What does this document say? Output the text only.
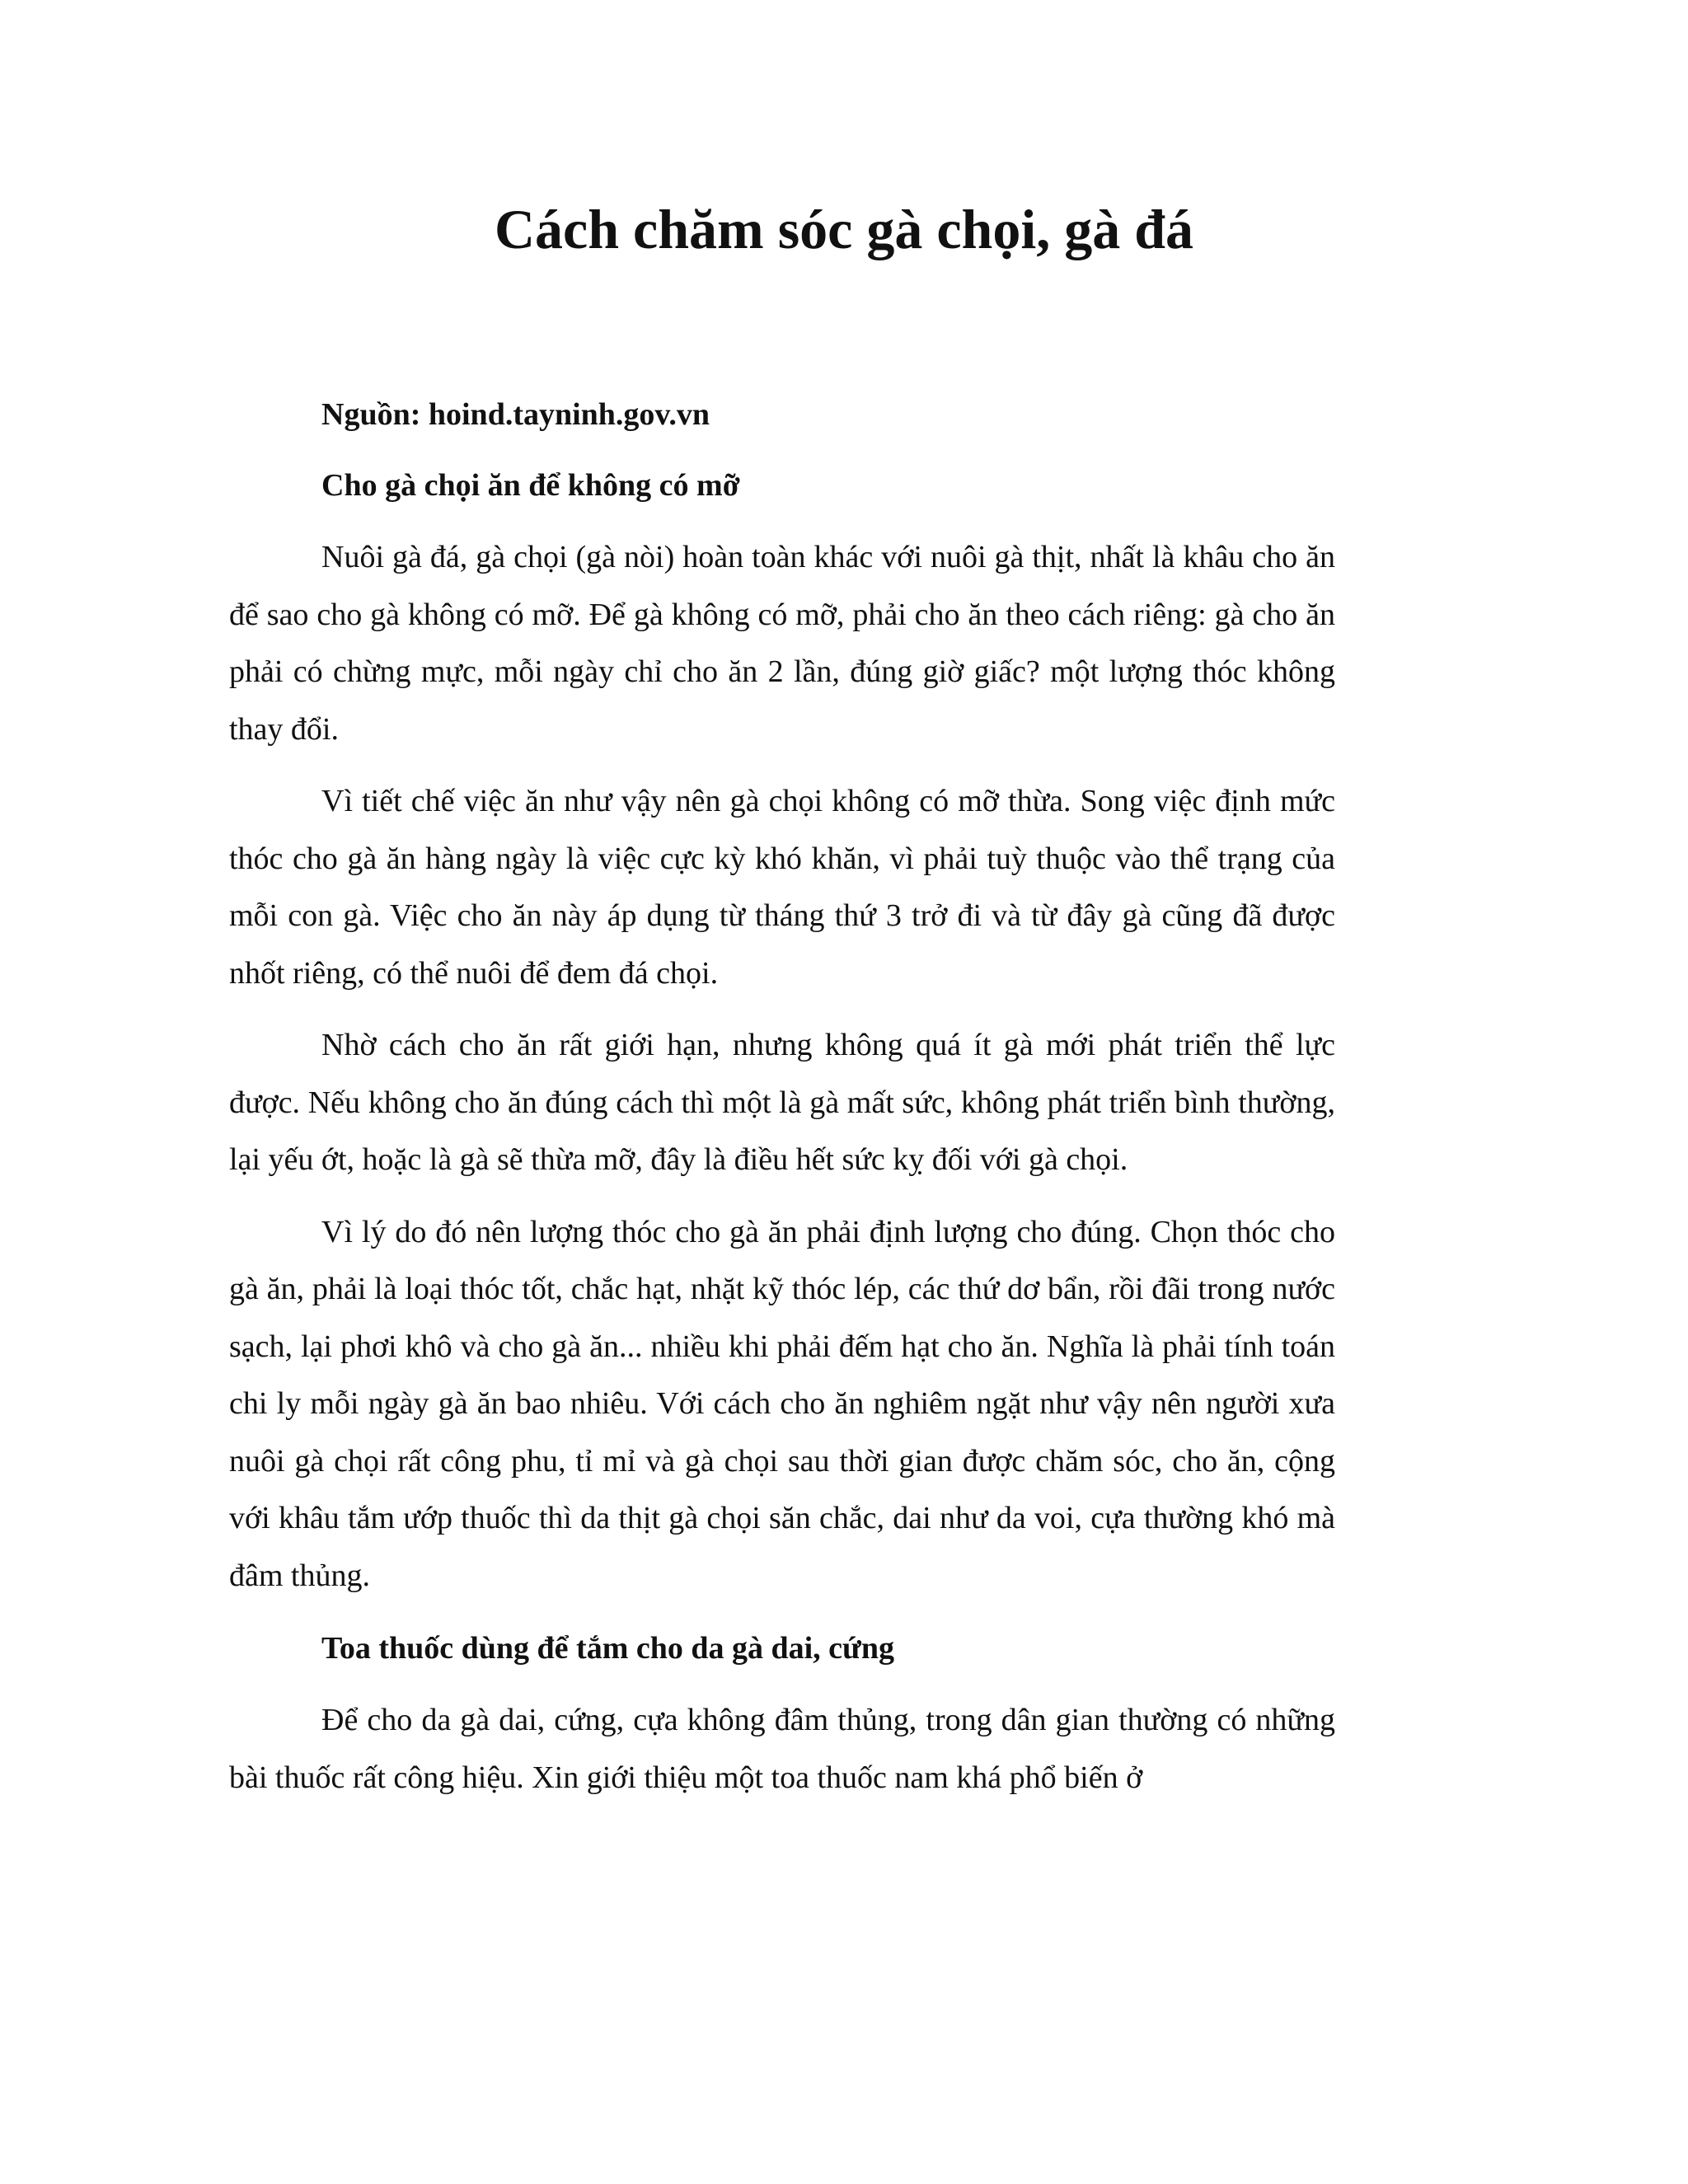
Cách chăm sóc gà chọi, gà đá

Nguồn: hoind.tayninh.gov.vn

Cho gà chọi ăn để không có mỡ

Nuôi gà đá, gà chọi (gà nòi) hoàn toàn khác với nuôi gà thịt, nhất là khâu cho ăn để sao cho gà không có mỡ. Để gà không có mỡ, phải cho ăn theo cách riêng: gà cho ăn phải có chừng mực, mỗi ngày chỉ cho ăn 2 lần, đúng giờ giấc? một lượng thóc không thay đổi.

Vì tiết chế việc ăn như vậy nên gà chọi không có mỡ thừa. Song việc định mức thóc cho gà ăn hàng ngày là việc cực kỳ khó khăn, vì phải tuỳ thuộc vào thể trạng của mỗi con gà. Việc cho ăn này áp dụng từ tháng thứ 3 trở đi và từ đây gà cũng đã được nhốt riêng, có thể nuôi để đem đá chọi.

Nhờ cách cho ăn rất giới hạn, nhưng không quá ít gà mới phát triển thể lực được. Nếu không cho ăn đúng cách thì một là gà mất sức, không phát triển bình thường, lại yếu ớt, hoặc là gà sẽ thừa mỡ, đây là điều hết sức kỵ đối với gà chọi.

Vì lý do đó nên lượng thóc cho gà ăn phải định lượng cho đúng. Chọn thóc cho gà ăn, phải là loại thóc tốt, chắc hạt, nhặt kỹ thóc lép, các thứ dơ bẩn, rồi đãi trong nước sạch, lại phơi khô và cho gà ăn... nhiều khi phải đếm hạt cho ăn. Nghĩa là phải tính toán chi ly mỗi ngày gà ăn bao nhiêu. Với cách cho ăn nghiêm ngặt như vậy nên người xưa nuôi gà chọi rất công phu, tỉ mỉ và gà chọi sau thời gian được chăm sóc, cho ăn, cộng với khâu tắm ướp thuốc thì da thịt gà chọi săn chắc, dai như da voi, cựa thường khó mà đâm thủng.

Toa thuốc dùng để tắm cho da gà dai, cứng

Để cho da gà dai, cứng, cựa không đâm thủng, trong dân gian thường có những bài thuốc rất công hiệu. Xin giới thiệu một toa thuốc nam khá phổ biến ở
